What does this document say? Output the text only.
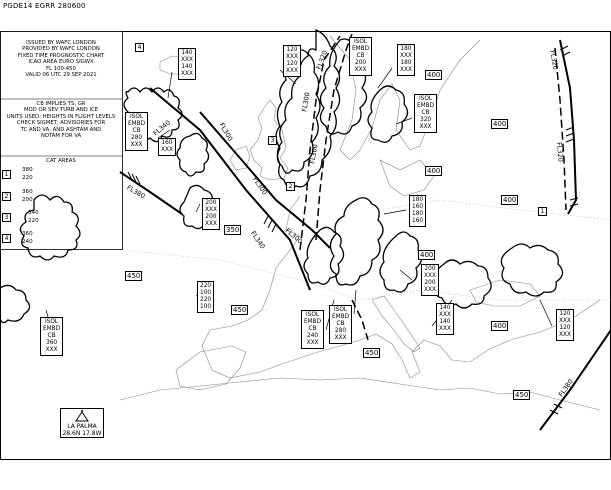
PGDE14 EGRR 280600
ISSUED BY WAFC LONDON
PROVIDED BY WAFC LONDON
FIXED TIME PROGNOSTIC CHART
ICAO AREA EURO SIGWX
FL 100-450
VALID 06 UTC 29 SEP 2021
CB IMPLIES TS, GR
MOD OR SEV TURB AND ICE
UNITS USED: HEIGHTS IN FLIGHT LEVELS
CHECK SIGMET, ADVISORIES FOR
TC AND VA, AND ASHTAM AND
NOTAM FOR VA
CAT AREAS
1
380
220
2
360
200
3
340
220
4
360
240
4
3
2
1
ISOL
EMBD
CB
200
XXX
ISOL
EMBD
CB
320
XXX
ISOL
EMBD
CB
280
XXX
ISOL
EMBD
CB
240
XXX
ISOL
EMBD
CB
280
XXX
ISOL
EMBD
CB
360
XXX
140
XXX
140
XXX
120
XXX
120
XXX
180
XXX
180
XXX
160
XXX
200
XXX
200
XXX
180
160
180
160
220
100
220
100
200
XXX
200
XXX
140
XXX
140
XXX
120
XXX
120
XXX
400
400
400
400
400
400
350
450
450
450
450
FL340
FL380
FL300
FL300
FL300
FL300
FL340	FL300
FL320	FL320
FL320
FL380
LA PALMA
28.6N 17.8W
